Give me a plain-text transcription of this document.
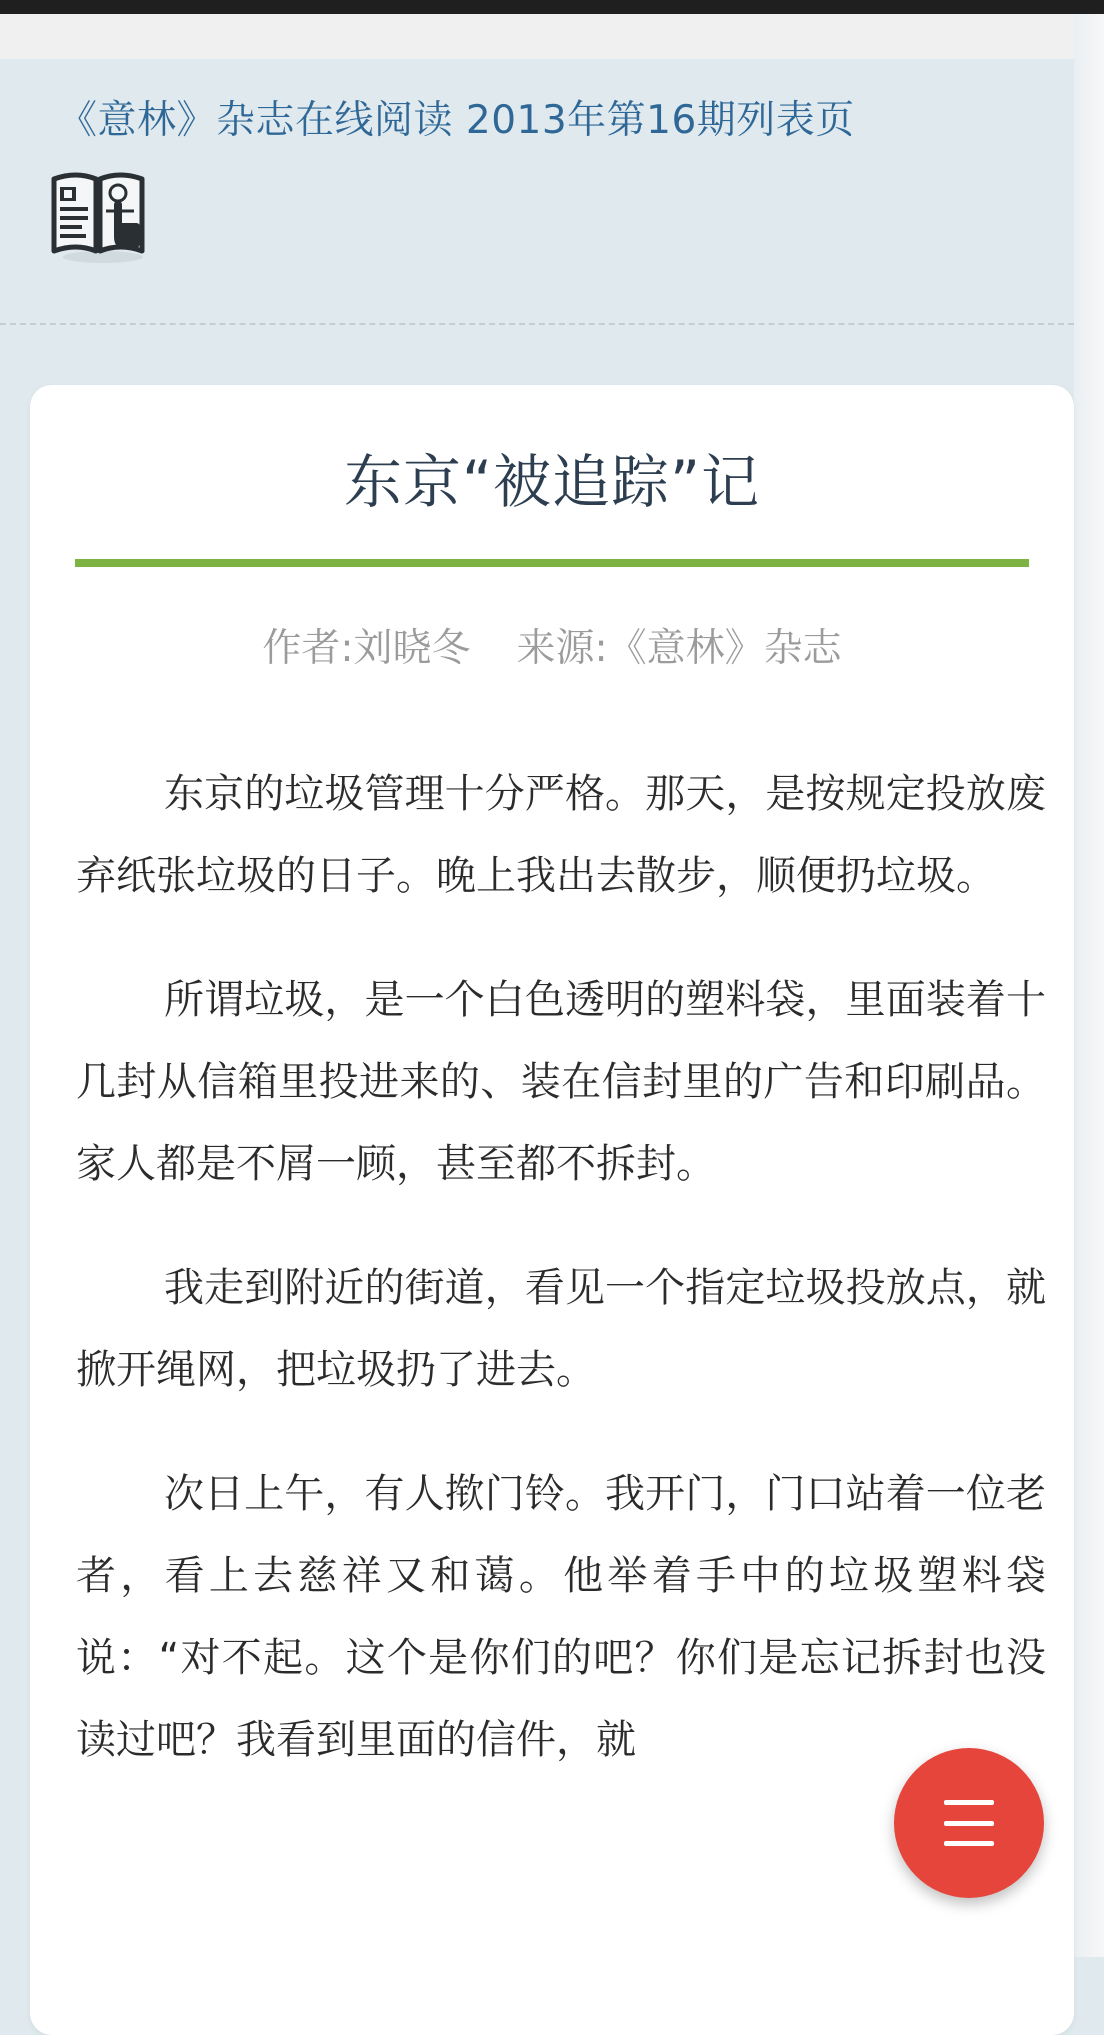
《意林》杂志在线阅读 2013年第16期列表页
东京“被追踪”记
作者:刘晓冬 来源:《意林》杂志

东京的垃圾管理十分严格。那天，是按规定投放废弃纸张垃圾的日子。晚上我出去散步，顺便扔垃圾。

所谓垃圾，是一个白色透明的塑料袋，里面装着十几封从信箱里投进来的、装在信封里的广告和印刷品。家人都是不屑一顾，甚至都不拆封。

我走到附近的街道，看见一个指定垃圾投放点，就掀开绳网，把垃圾扔了进去。

次日上午，有人揿门铃。我开门，门口站着一位老者，看上去慈祥又和蔼。他举着手中的垃圾塑料袋说：“对不起。这个是你们的吧？你们是忘记拆封也没读过吧？我看到里面的信件，就
